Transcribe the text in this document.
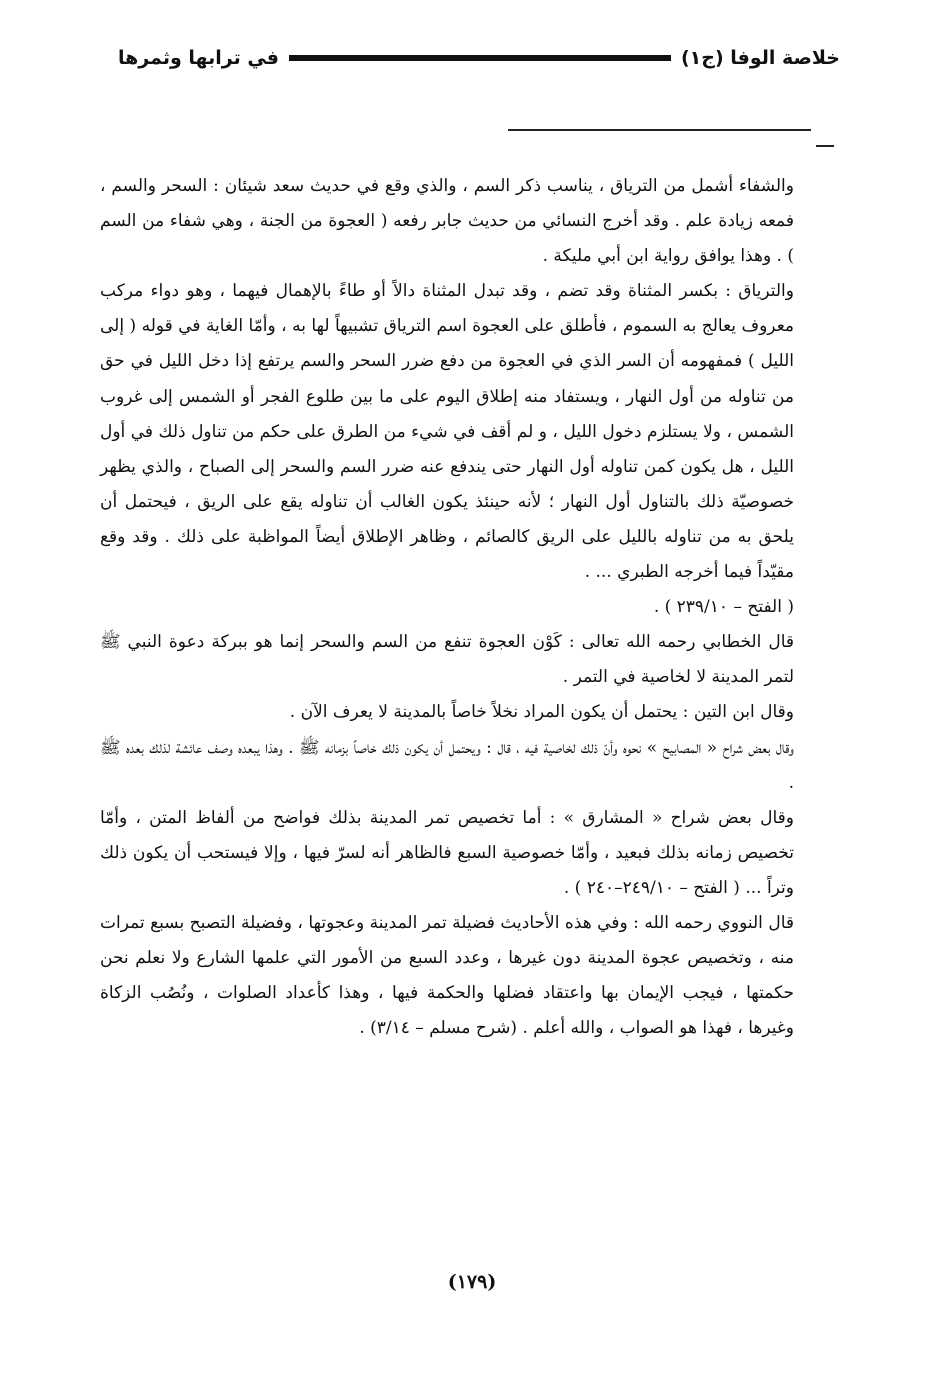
خلاصة الوفا (ج١)
في ترابها وثمرها

والشفاء أشمل من الترياق ، يناسب ذكر السم ، والذي وقع في حديث سعد شيئان : السحر والسم ، فمعه زيادة علم . وقد أخرج النسائي من حديث جابر رفعه ( العجوة من الجنة ، وهي شفاء من السم ) . وهذا يوافق رواية ابن أبي مليكة .

والترياق : بكسر المثناة وقد تضم ، وقد تبدل المثناة دالاً أو طاءً بالإهمال فيهما ، وهو دواء مركب معروف يعالج به السموم ، فأطلق على العجوة اسم الترياق تشبيهاً لها به ، وأمّا الغاية في قوله ( إلى الليل ) فمفهومه أن السر الذي في العجوة من دفع ضرر السحر والسم يرتفع إذا دخل الليل في حق من تناوله من أول النهار ، ويستفاد منه إطلاق اليوم على ما بين طلوع الفجر أو الشمس إلى غروب الشمس ، ولا يستلزم دخول الليل ، و لم أقف في شيء من الطرق على حكم من تناول ذلك في أول الليل ، هل يكون كمن تناوله أول النهار حتى يندفع عنه ضرر السم والسحر إلى الصباح ، والذي يظهر خصوصيّة ذلك بالتناول أول النهار ؛ لأنه حينئذ يكون الغالب أن تناوله يقع على الريق ، فيحتمل أن يلحق به من تناوله بالليل على الريق كالصائم ، وظاهر الإطلاق أيضاً المواظبة على ذلك . وقد وقع مقيّداً فيما أخرجه الطبري ... .

( الفتح – ٢٣٩/١٠ ) .

قال الخطابي رحمه الله تعالى : كَوْن العجوة تنفع من السم والسحر إنما هو ببركة دعوة النبي ﷺ لتمر المدينة لا لخاصية في التمر .

وقال ابن التين : يحتمل أن يكون المراد نخلاً خاصاً بالمدينة لا يعرف الآن .

وقال بعض شراح « المصابيح » نحوه وأنّ ذلك لخاصية فيه ، قال : ويحتمل أن يكون ذلك خاصاً بزمانه ﷺ . وهذا يبعده وصف عائشة لذلك بعده ﷺ .

وقال بعض شراح « المشارق » : أما تخصيص تمر المدينة بذلك فواضح من ألفاظ المتن ، وأمّا تخصيص زمانه بذلك فبعيد ، وأمّا خصوصية السبع فالظاهر أنه لسرّ فيها ، وإلا فيستحب أن يكون ذلك وتراً ... ( الفتح – ٢٤٩/١٠–٢٤٠ ) .

قال النووي رحمه الله : وفي هذه الأحاديث فضيلة تمر المدينة وعجوتها ، وفضيلة التصبح بسبع تمرات منه ، وتخصيص عجوة المدينة دون غيرها ، وعدد السبع من الأمور التي علمها الشارع ولا نعلم نحن حكمتها ، فيجب الإيمان بها واعتقاد فضلها والحكمة فيها ، وهذا كأعداد الصلوات ، ونُصُب الزكاة وغيرها ، فهذا هو الصواب ، والله أعلم . (شرح مسلم – ٣/١٤) .

(١٧٩)
